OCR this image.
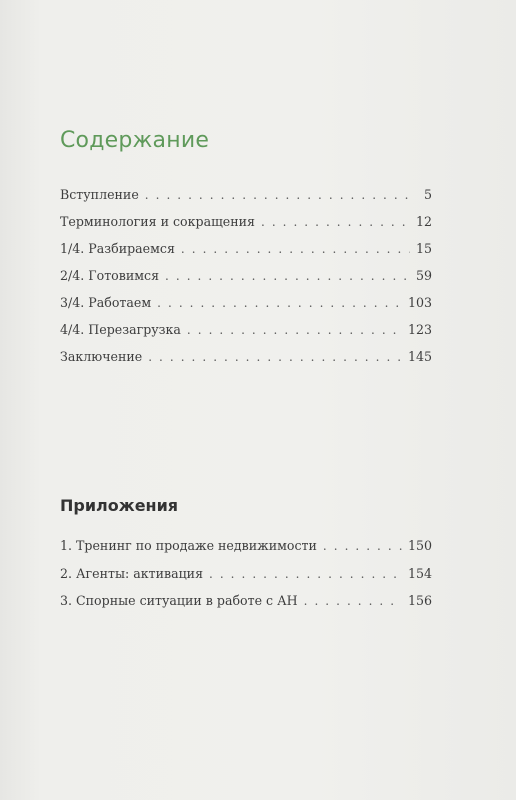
Содержание
Вступление . . .	5
Терминология и сокращения . . .	12
1/4. Разбираемся . . .	15
2/4. Готовимся . . .	59
3/4. Работаем . . .	103
4/4. Перезагрузка . . .	123
Заключение . . .	145
Приложения
1. Тренинг по продаже недвижимости . . .	150
2. Агенты: активация . . .	154
3. Спорные ситуации в работе с АН . . .	156
